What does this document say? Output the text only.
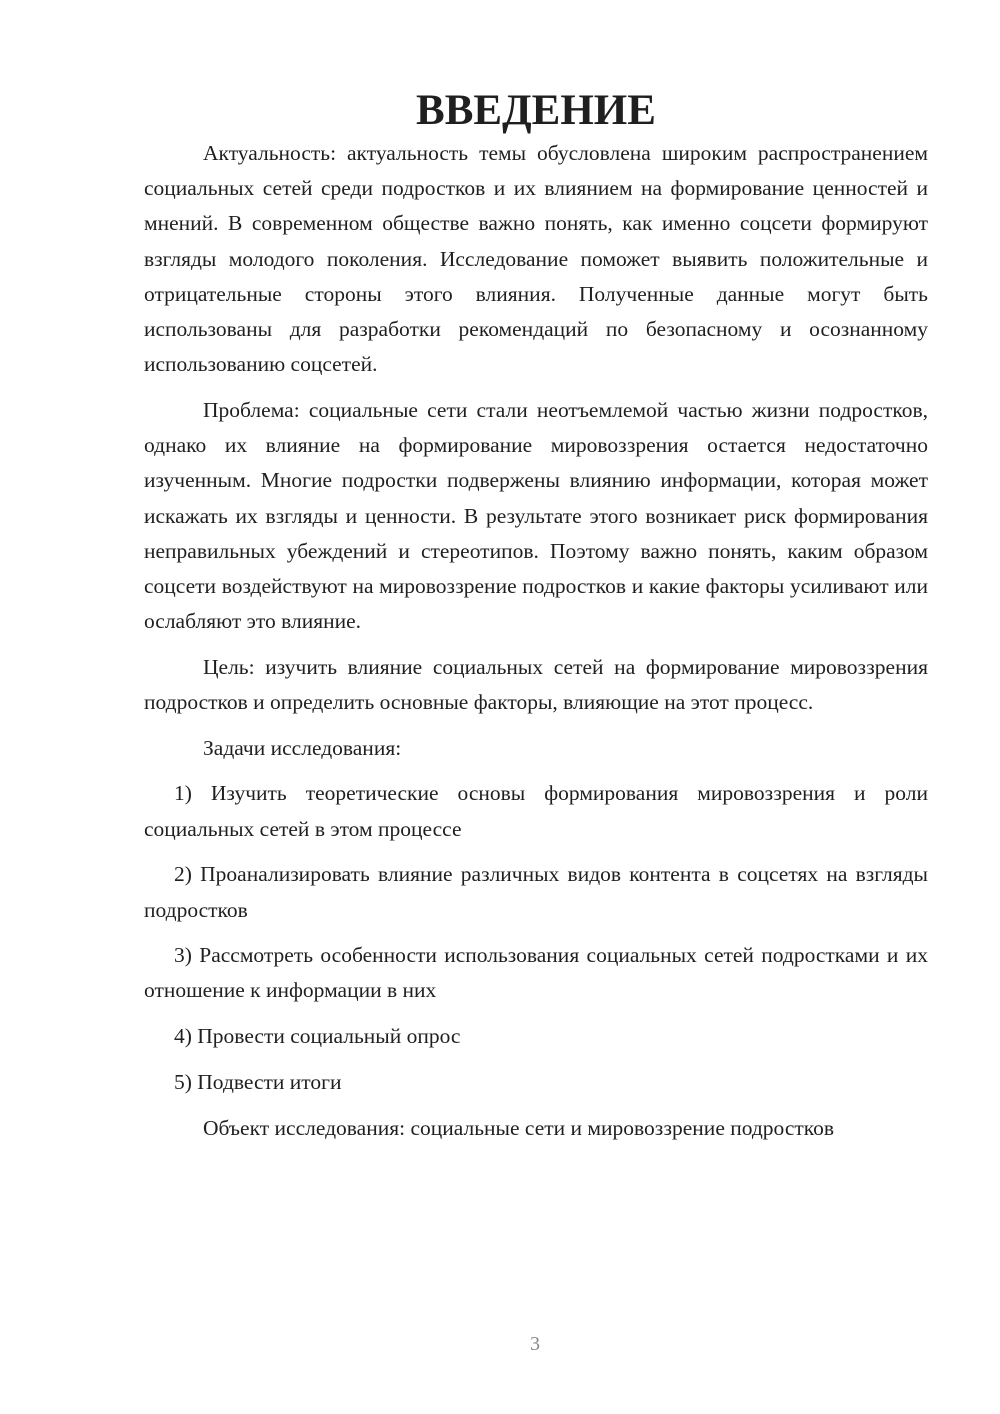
ВВЕДЕНИЕ

Актуальность: актуальность темы обусловлена широким распространением социальных сетей среди подростков и их влиянием на формирование ценностей и мнений. В современном обществе важно понять, как именно соцсети формируют взгляды молодого поколения. Исследование поможет выявить положительные и отрицательные стороны этого влияния. Полученные данные могут быть использованы для разработки рекомендаций по безопасному и осознанному использованию соцсетей.

Проблема: социальные сети стали неотъемлемой частью жизни подростков, однако их влияние на формирование мировоззрения остается недостаточно изученным. Многие подростки подвержены влиянию информации, которая может искажать их взгляды и ценности. В результате этого возникает риск формирования неправильных убеждений и стереотипов. Поэтому важно понять, каким образом соцсети воздействуют на мировоззрение подростков и какие факторы усиливают или ослабляют это влияние.

Цель: изучить влияние социальных сетей на формирование мировоззрения подростков и определить основные факторы, влияющие на этот процесс.

Задачи исследования:

1) Изучить теоретические основы формирования мировоззрения и роли социальных сетей в этом процессе

2) Проанализировать влияние различных видов контента в соцсетях на взгляды подростков

3) Рассмотреть особенности использования социальных сетей подростками и их отношение к информации в них

4) Провести социальный опрос

5) Подвести итоги

Объект исследования: социальные сети и мировоззрение подростков

3
